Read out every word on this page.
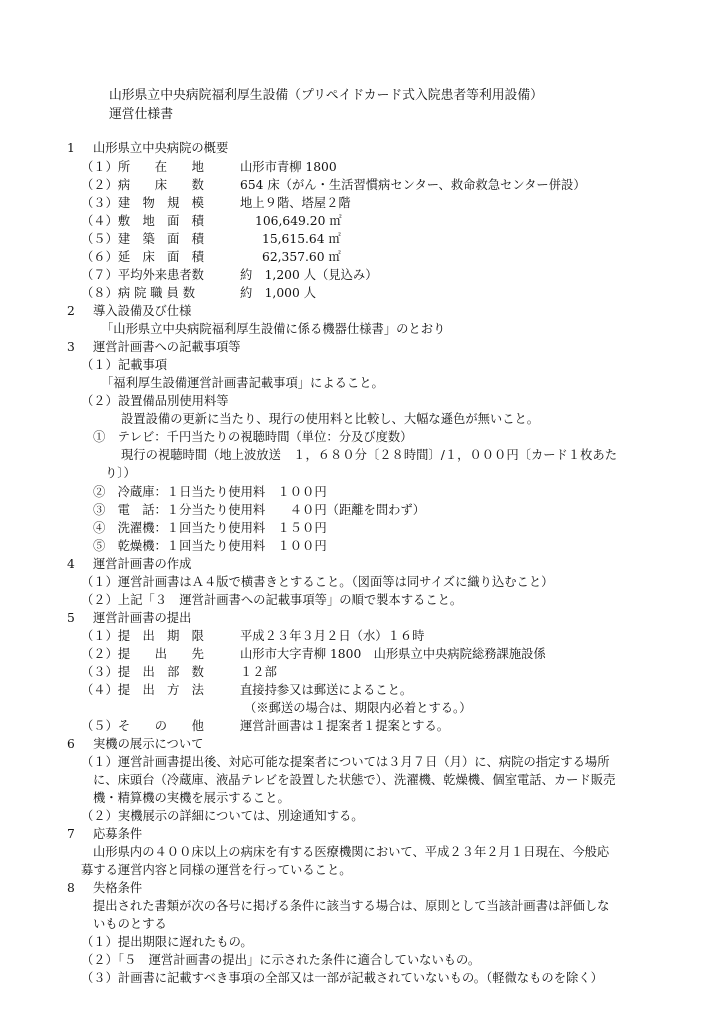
山形県立中央病院福利厚生設備（プリペイドカード式入院患者等利用設備）
運営仕様書
1 山形県立中央病院の概要
（１）所　　在　　地	山形市青柳 1800
（２）病　　床　　数	654 床（がん・生活習慣病センター、救命救急センター併設）
（３）建　物　規　模	地上９階、塔屋２階
（４）敷　地　面　積	106,649.20 ㎡
（５）建　築　面　積	15,615.64 ㎡
（６）延　床　面　積	62,357.60 ㎡
（７）平均外来患者数	約　1,200 人（見込み）
（８）病 院 職 員 数	約　1,000 人
2 導入設備及び仕様
「山形県立中央病院福利厚生設備に係る機器仕様書」のとおり
3 運営計画書への記載事項等
（１）記載事項
「福利厚生設備運営計画書記載事項」によること。
（２）設置備品別使用料等
設置設備の更新に当たり、現行の使用料と比較し、大幅な遜色が無いこと。
①　テレビ：千円当たりの視聴時間（単位：分及び度数）
現行の視聴時間（地上波放送　１，６８０分〔２８時間〕/１，０００円〔カード１枚あた
り〕）
②　冷蔵庫：１日当たり使用料　１００円
③　電　話：１分当たり使用料　　４０円（距離を問わず）
④　洗濯機：１回当たり使用料　１５０円
⑤　乾燥機：１回当たり使用料　１００円
4 運営計画書の作成
（１）運営計画書はＡ４版で横書きとすること。（図面等は同サイズに織り込むこと）
（２）上記「３　運営計画書への記載事項等」の順で製本すること。
5 運営計画書の提出
（１）提　出　期　限	平成２３年３月２日（水）１６時
（２）提　　出　　先	山形市大字青柳 1800　山形県立中央病院総務課施設係
（３）提　出　部　数	１２部
（４）提　出　方　法	直接持参又は郵送によること。
（※郵送の場合は、期限内必着とする。）
（５）そ　　の　　他	運営計画書は１提案者１提案とする。
6 実機の展示について
（１）運営計画書提出後、対応可能な提案者については３月７日（月）に、病院の指定する場所
に、床頭台（冷蔵庫、液晶テレビを設置した状態で）、洗濯機、乾燥機、個室電話、カード販売
機・精算機の実機を展示すること。
（２）実機展示の詳細については、別途通知する。
7 応募条件
山形県内の４００床以上の病床を有する医療機関において、平成２３年２月１日現在、今般応
募する運営内容と同様の運営を行っていること。
8 失格条件
提出された書類が次の各号に掲げる条件に該当する場合は、原則として当該計画書は評価しな
いものとする
（１）提出期限に遅れたもの。
（２）「５　運営計画書の提出」に示された条件に適合していないもの。
（３）計画書に記載すべき事項の全部又は一部が記載されていないもの。（軽微なものを除く）
